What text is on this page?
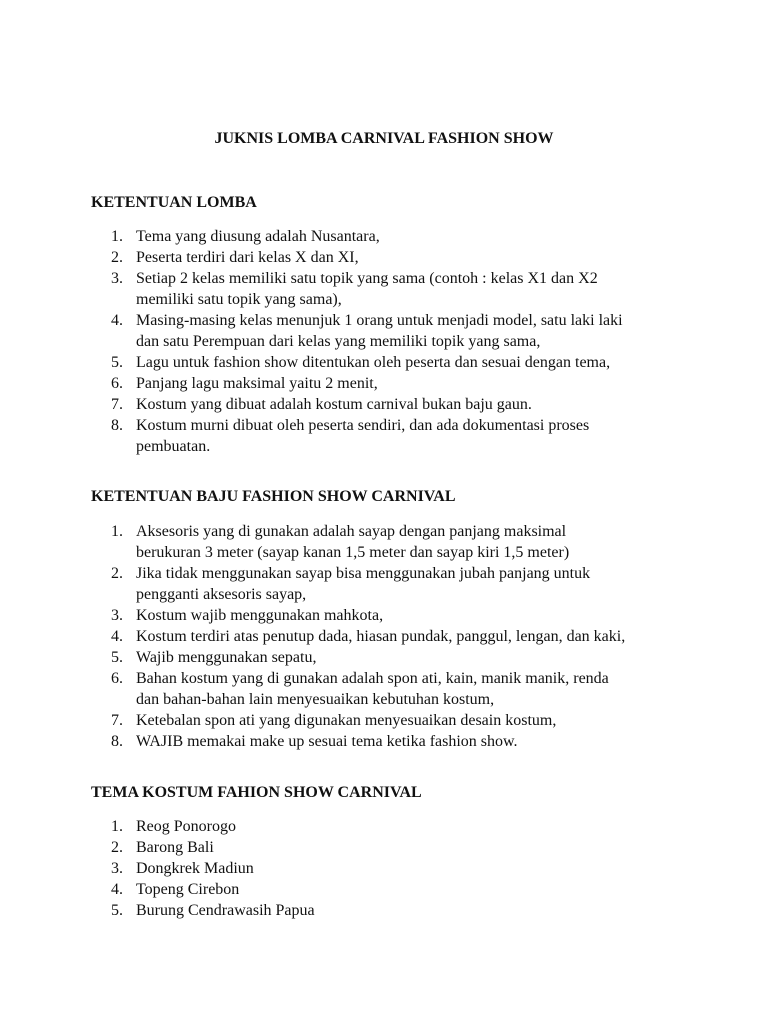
JUKNIS LOMBA CARNIVAL FASHION SHOW
KETENTUAN LOMBA
1. Tema yang diusung adalah Nusantara,
2. Peserta terdiri dari kelas X dan XI,
3. Setiap 2 kelas memiliki satu topik yang sama (contoh : kelas X1 dan X2
memiliki satu topik yang sama),
4. Masing-masing kelas menunjuk 1 orang untuk menjadi model, satu laki laki
dan satu Perempuan dari kelas yang memiliki topik yang sama,
5. Lagu untuk fashion show ditentukan oleh peserta dan sesuai dengan tema,
6. Panjang lagu maksimal yaitu 2 menit,
7. Kostum yang dibuat adalah kostum carnival bukan baju gaun.
8. Kostum murni dibuat oleh peserta sendiri, dan ada dokumentasi proses
pembuatan.
KETENTUAN BAJU FASHION SHOW CARNIVAL
1. Aksesoris yang di gunakan adalah sayap dengan panjang maksimal
berukuran 3 meter (sayap kanan 1,5 meter dan sayap kiri 1,5 meter)
2. Jika tidak menggunakan sayap bisa menggunakan jubah panjang untuk
pengganti aksesoris sayap,
3. Kostum wajib menggunakan mahkota,
4. Kostum terdiri atas penutup dada, hiasan pundak, panggul, lengan, dan kaki,
5. Wajib menggunakan sepatu,
6. Bahan kostum yang di gunakan adalah spon ati, kain, manik manik, renda
dan bahan-bahan lain menyesuaikan kebutuhan kostum,
7. Ketebalan spon ati yang digunakan menyesuaikan desain kostum,
8. WAJIB memakai make up sesuai tema ketika fashion show.
TEMA KOSTUM FAHION SHOW CARNIVAL
1. Reog Ponorogo
2. Barong Bali
3. Dongkrek Madiun
4. Topeng Cirebon
5. Burung Cendrawasih Papua
